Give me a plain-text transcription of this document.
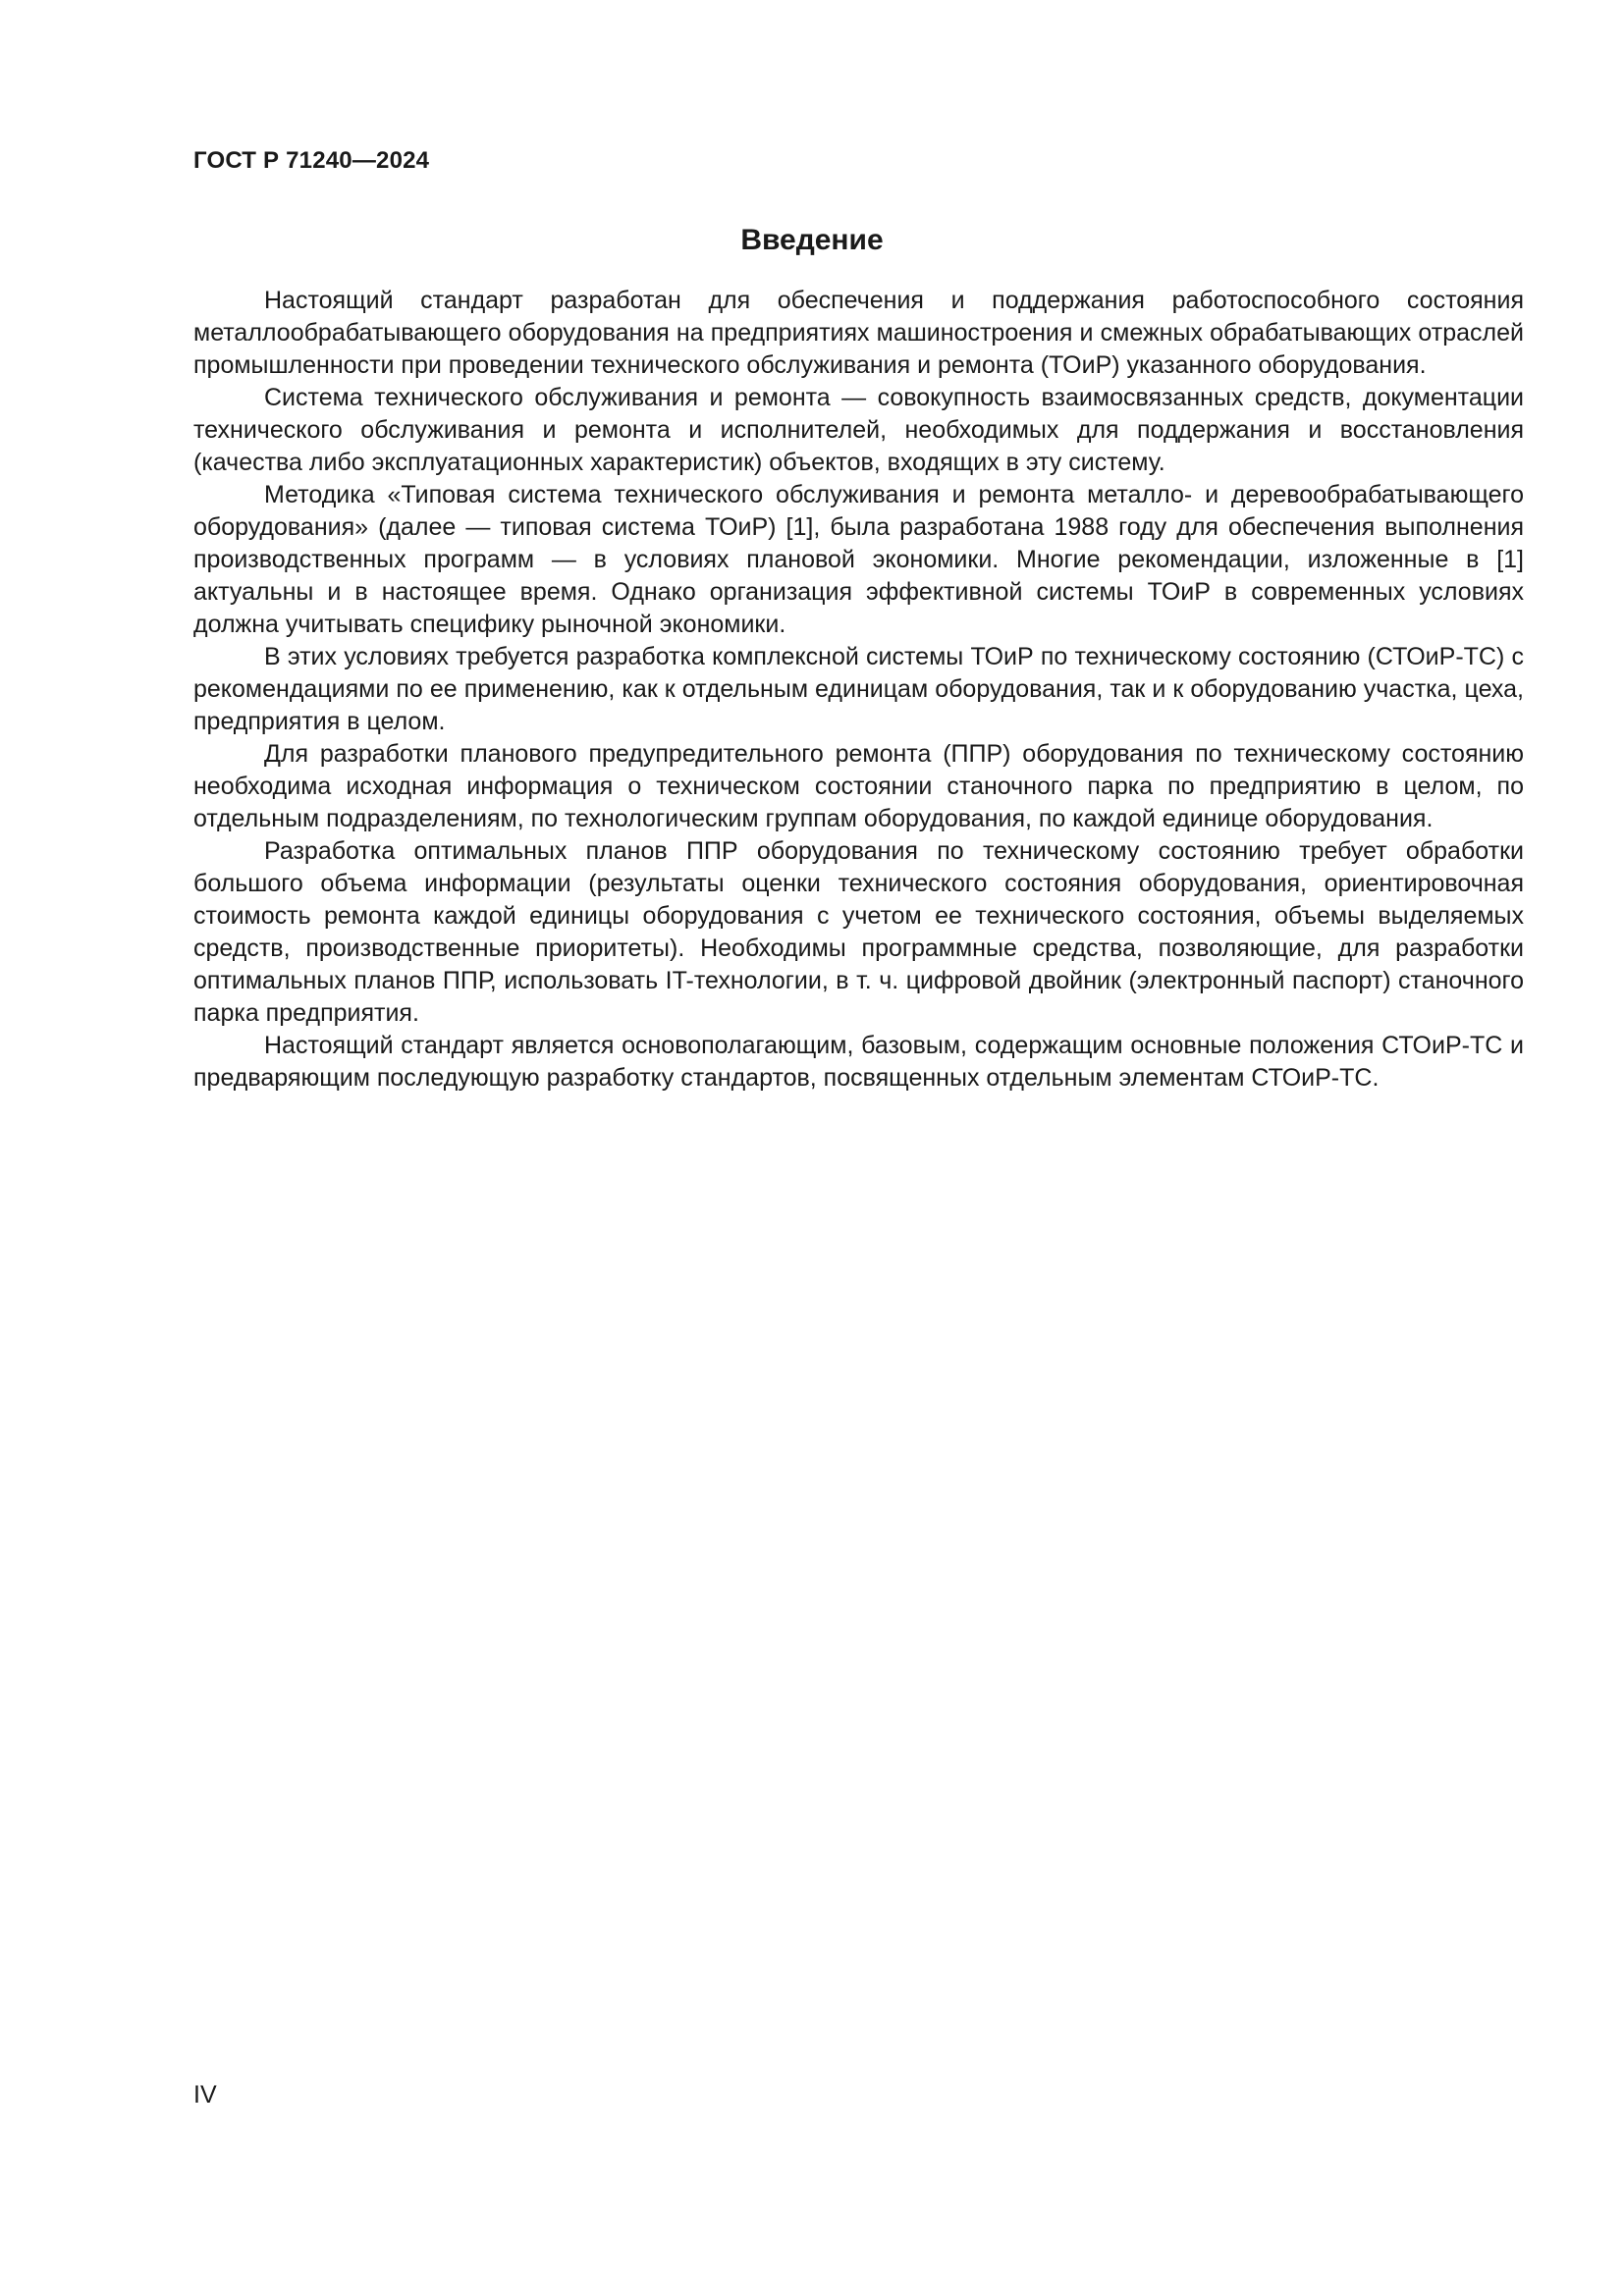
ГОСТ Р 71240—2024
Введение

Настоящий стандарт разработан для обеспечения и поддержания работоспособного состояния металлообрабатывающего оборудования на предприятиях машиностроения и смежных обрабатывающих отраслей промышленности при проведении технического обслуживания и ремонта (ТОиР) указанного оборудования.

Система технического обслуживания и ремонта — совокупность взаимосвязанных средств, документации технического обслуживания и ремонта и исполнителей, необходимых для поддержания и восстановления (качества либо эксплуатационных характеристик) объектов, входящих в эту систему.

Методика «Типовая система технического обслуживания и ремонта металло- и деревообрабатывающего оборудования» (далее — типовая система ТОиР) [1], была разработана 1988 году для обеспечения выполнения производственных программ — в условиях плановой экономики. Многие рекомендации, изложенные в [1] актуальны и в настоящее время. Однако организация эффективной системы ТОиР в современных условиях должна учитывать специфику рыночной экономики.

В этих условиях требуется разработка комплексной системы ТОиР по техническому состоянию (СТОиР-ТС) с рекомендациями по ее применению, как к отдельным единицам оборудования, так и к оборудованию участка, цеха, предприятия в целом.

Для разработки планового предупредительного ремонта (ППР) оборудования по техническому состоянию необходима исходная информация о техническом состоянии станочного парка по предприятию в целом, по отдельным подразделениям, по технологическим группам оборудования, по каждой единице оборудования.

Разработка оптимальных планов ППР оборудования по техническому состоянию требует обработки большого объема информации (результаты оценки технического состояния оборудования, ориентировочная стоимость ремонта каждой единицы оборудования с учетом ее технического состояния, объемы выделяемых средств, производственные приоритеты). Необходимы программные средства, позволяющие, для разработки оптимальных планов ППР, использовать IT-технологии, в т. ч. цифровой двойник (электронный паспорт) станочного парка предприятия.

Настоящий стандарт является основополагающим, базовым, содержащим основные положения СТОиР-ТС и предваряющим последующую разработку стандартов, посвященных отдельным элементам СТОиР-ТС.

IV
